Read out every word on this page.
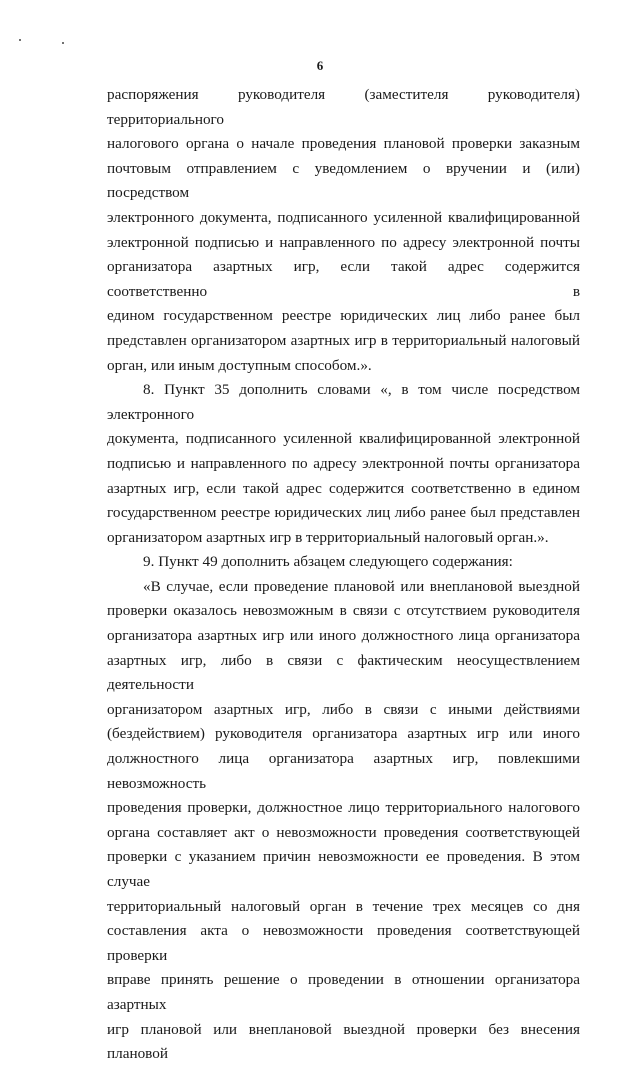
6

распоряжения руководителя (заместителя руководителя) территориального

налогового органа о начале проведения плановой проверки заказным

почтовым отправлением с уведомлением о вручении и (или) посредством

электронного документа, подписанного усиленной квалифицированной

электронной подписью и направленного по адресу электронной почты

организатора азартных игр, если такой адрес содержится соответственно в

едином государственном реестре юридических лиц либо ранее был

представлен организатором азартных игр в территориальный налоговый

орган, или иным доступным способом.».

8. Пункт 35 дополнить словами «, в том числе посредством электронного

документа, подписанного усиленной квалифицированной электронной

подписью и направленного по адресу электронной почты организатора

азартных игр, если такой адрес содержится соответственно в едином

государственном реестре юридических лиц либо ранее был представлен

организатором азартных игр в территориальный налоговый орган.».

9. Пункт 49 дополнить абзацем следующего содержания:

«В случае, если проведение плановой или внеплановой выездной

проверки оказалось невозможным в связи с отсутствием руководителя

организатора азартных игр или иного должностного лица организатора

азартных игр, либо в связи с фактическим неосуществлением деятельности

организатором азартных игр, либо в связи с иными действиями

(бездействием) руководителя организатора азартных игр или иного

должностного лица организатора азартных игр, повлекшими невозможность

проведения проверки, должностное лицо территориального налогового

органа составляет акт о невозможности проведения соответствующей

проверки с указанием причин невозможности ее проведения. В этом случае

территориальный налоговый орган в течение трех месяцев со дня

составления акта о невозможности проведения соответствующей проверки

вправе принять решение о проведении в отношении организатора азартных

игр плановой или внеплановой выездной проверки без внесения плановой
